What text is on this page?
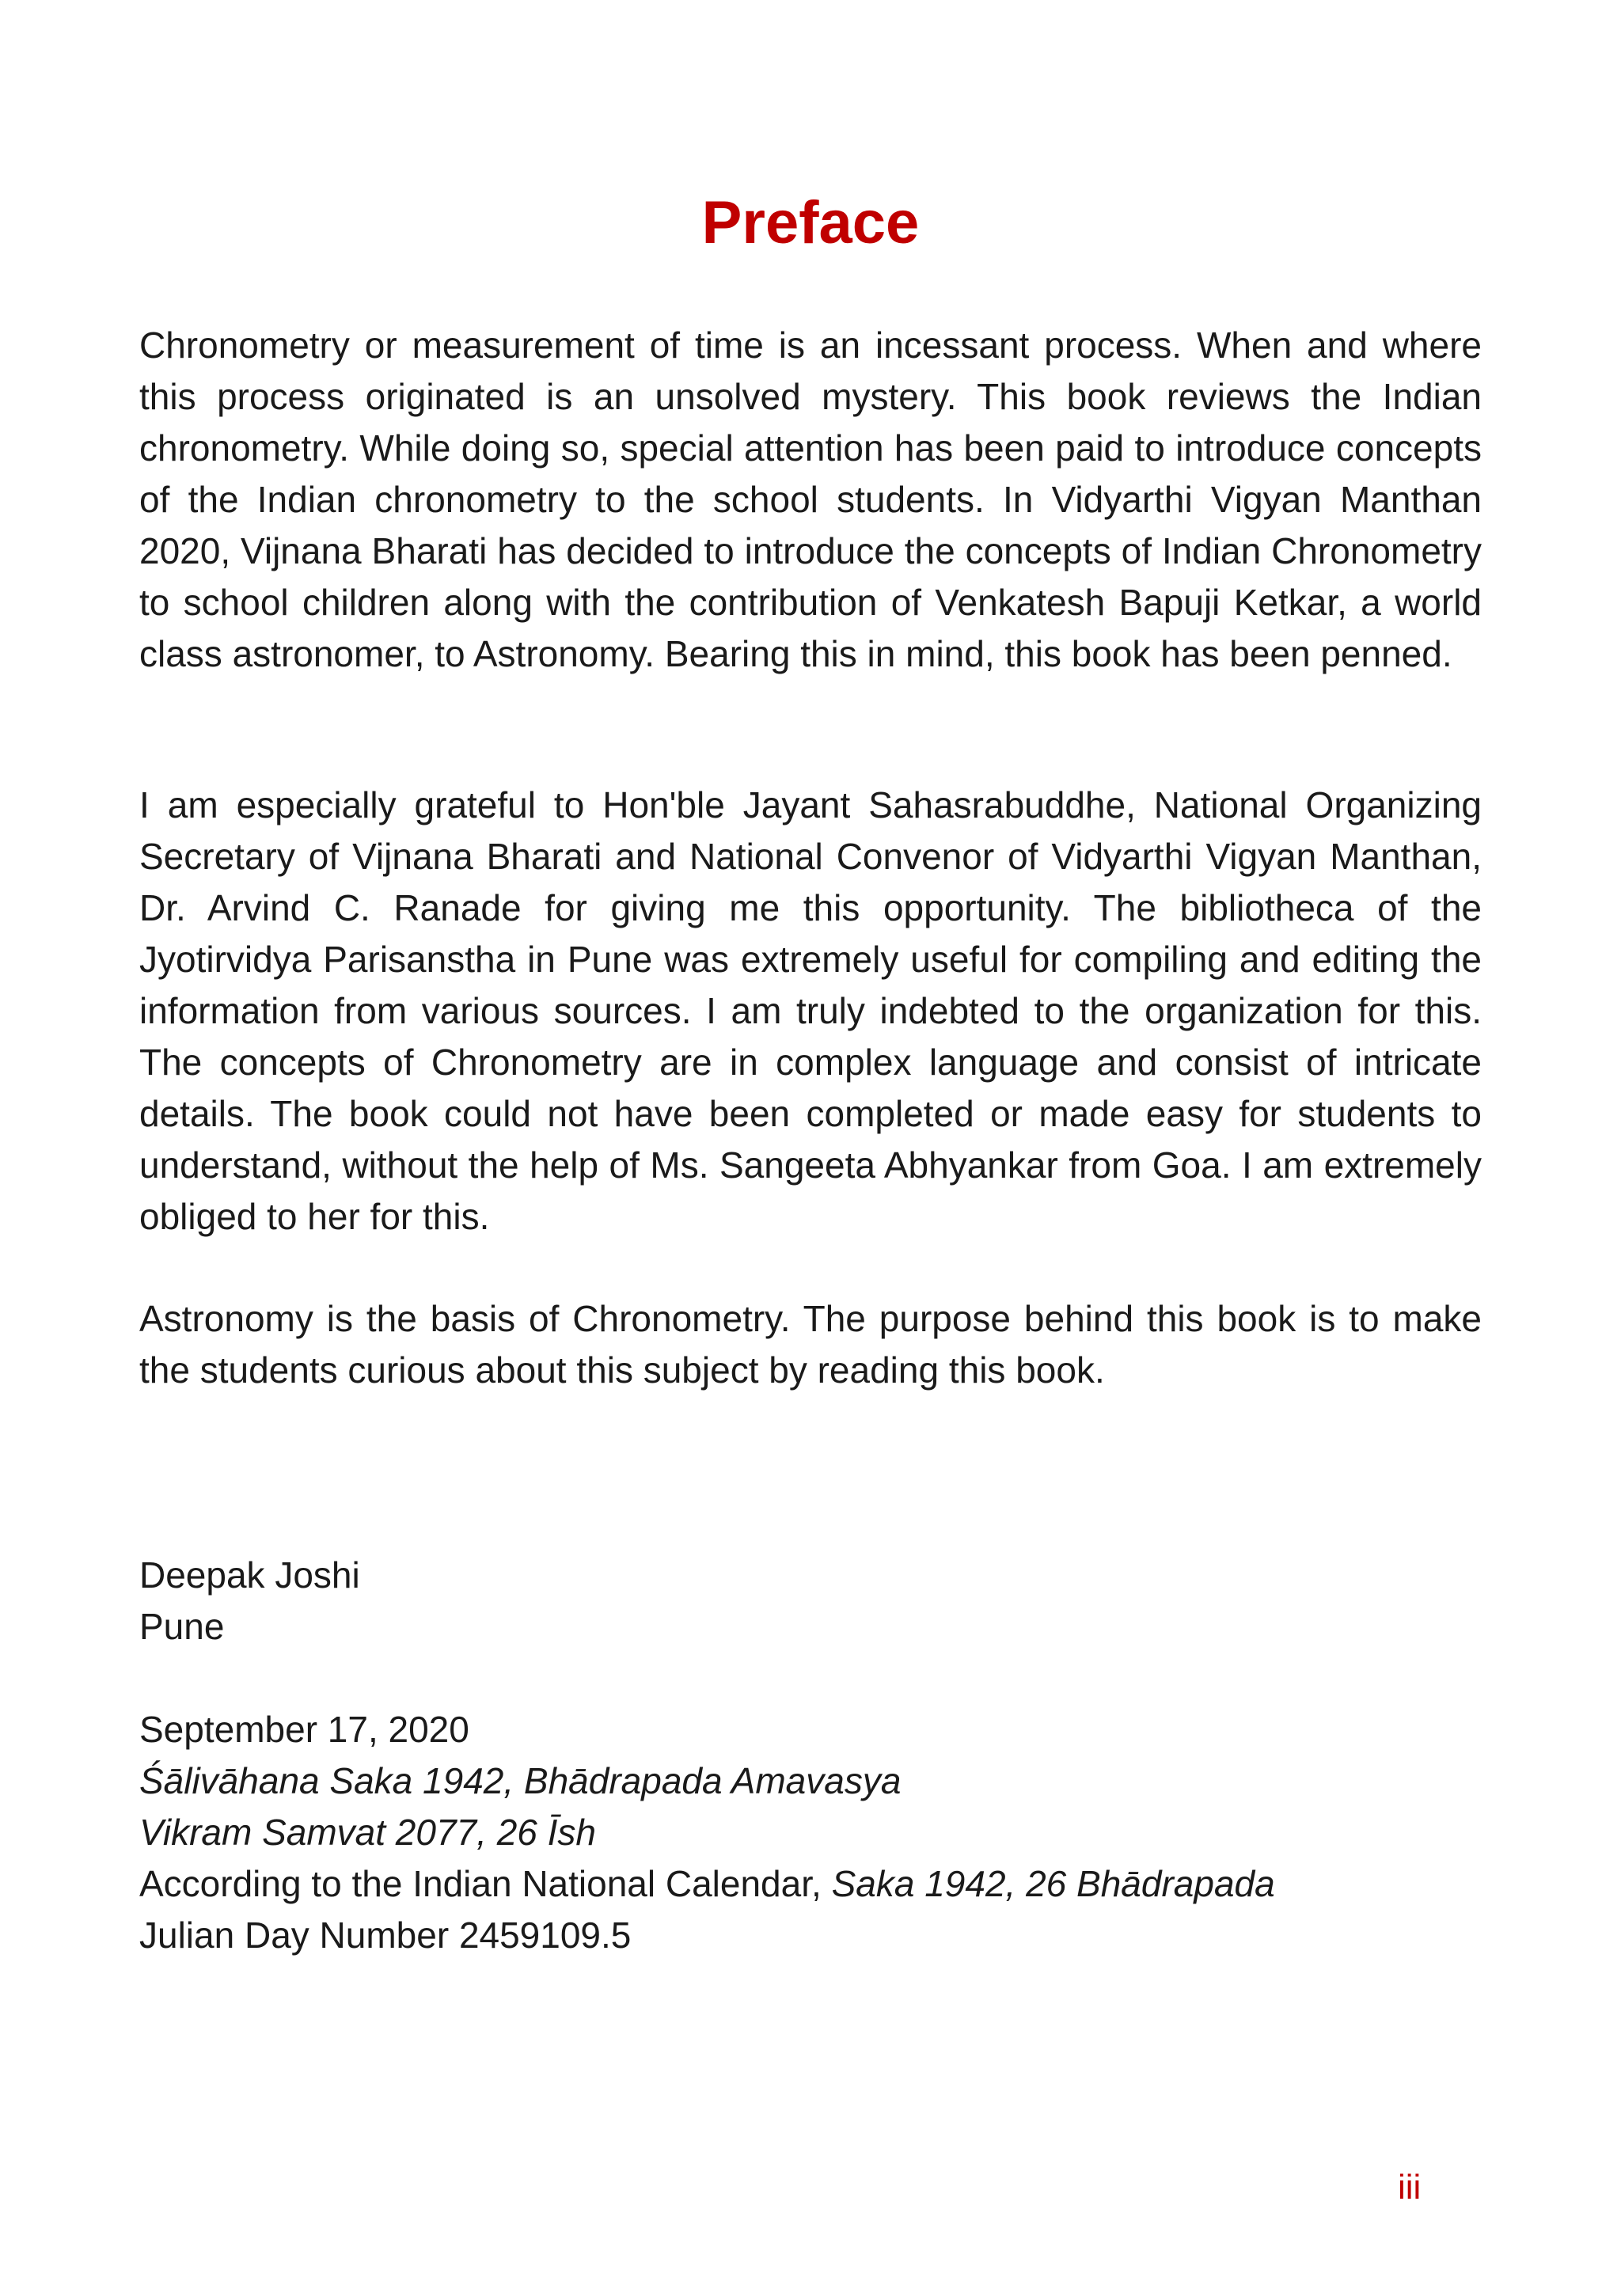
Preface

Chronometry or measurement of time is an incessant process. When and where this process originated is an unsolved mystery. This book reviews the Indian chronometry. While doing so, special attention has been paid to introduce concepts of the Indian chronometry to the school students. In Vidyarthi Vigyan Manthan 2020, Vijnana Bharati has decided to introduce the concepts of Indian Chronometry to school children along with the contribution of Venkatesh Bapuji Ketkar, a world class astronomer, to Astronomy. Bearing this in mind, this book has been penned.

I am especially grateful to Hon'ble Jayant Sahasrabuddhe, National Organizing Secretary of Vijnana Bharati and National Convenor of Vidyarthi Vigyan Manthan, Dr. Arvind C. Ranade for giving me this opportunity. The bibliotheca of the Jyotirvidya Parisanstha in Pune was extremely useful for compiling and editing the information from various sources. I am truly indebted to the organization for this. The concepts of Chronometry are in complex language and consist of intricate details. The book could not have been completed or made easy for students to understand, without the help of Ms. Sangeeta Abhyankar from Goa. I am extremely obliged to her for this.

Astronomy is the basis of Chronometry. The purpose behind this book is to make the students curious about this subject by reading this book.

Deepak Joshi
Pune
September 17, 2020
Śālivāhana Saka 1942, Bhādrapada Amavasya
Vikram Samvat 2077, 26 Īsh
According to the Indian National Calendar, Saka 1942, 26 Bhādrapada
Julian Day Number 2459109.5
iii
